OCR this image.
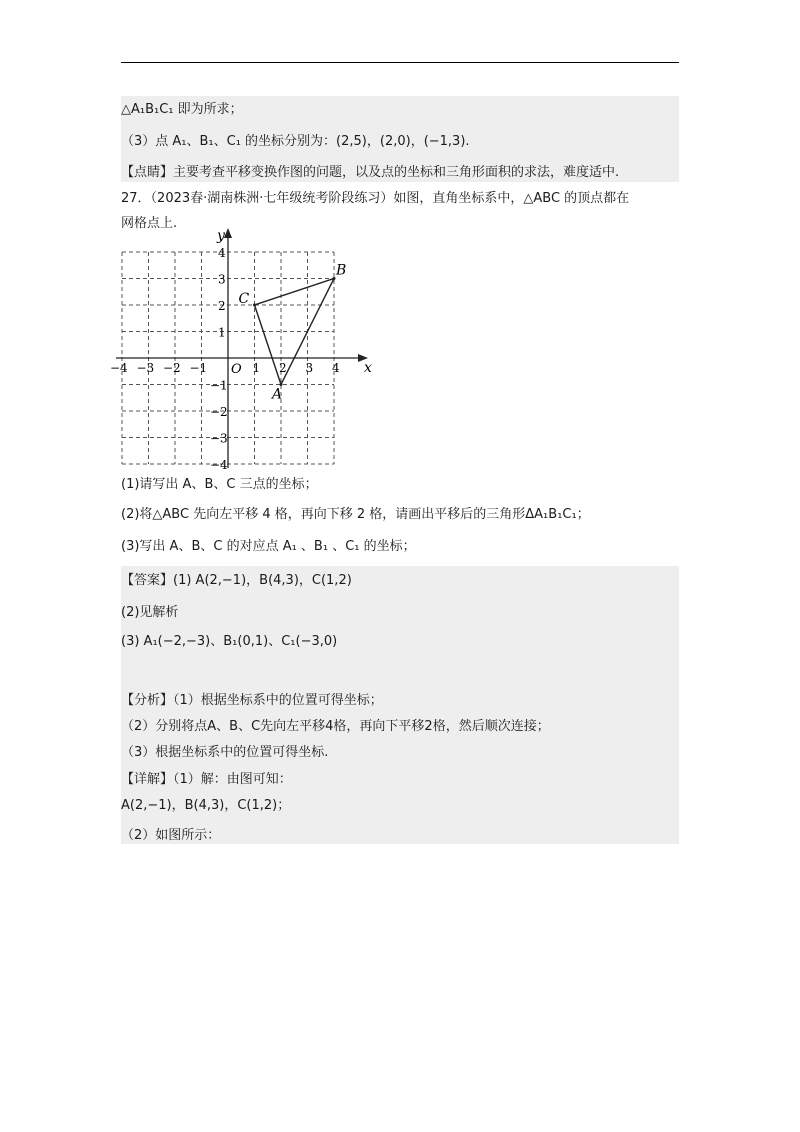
△A₁B₁C₁ 即为所求；
（3）点 A₁、B₁、C₁ 的坐标分别为：(2,5)，(2,0)，(−1,3).
【点睛】主要考查平移变换作图的问题，以及点的坐标和三角形面积的求法，难度适中.
27．（2023春·湖南株洲·七年级统考阶段练习）如图，直角坐标系中，△ABC 的顶点都在
网格点上.
x
y
O
−4 −3 −2 −1	1 2 3 4
4
3
2
1
−1
−2
−3
−4
A
B
C
(1)请写出 A、B、C 三点的坐标；
(2)将△ABC 先向左平移 4 格，再向下移 2 格，请画出平移后的三角形ΔA₁B₁C₁；
(3)写出 A、B、C 的对应点 A₁ 、B₁ 、C₁ 的坐标；
【答案】(1) A(2,−1)，B(4,3)，C(1,2)
(2)见解析
(3) A₁(−2,−3)、B₁(0,1)、C₁(−3,0)
【分析】（1）根据坐标系中的位置可得坐标；
（2）分别将点A、B、C先向左平移4格，再向下平移2格，然后顺次连接；
（3）根据坐标系中的位置可得坐标.
【详解】（1）解：由图可知：
A(2,−1)，B(4,3)，C(1,2)；
（2）如图所示：
